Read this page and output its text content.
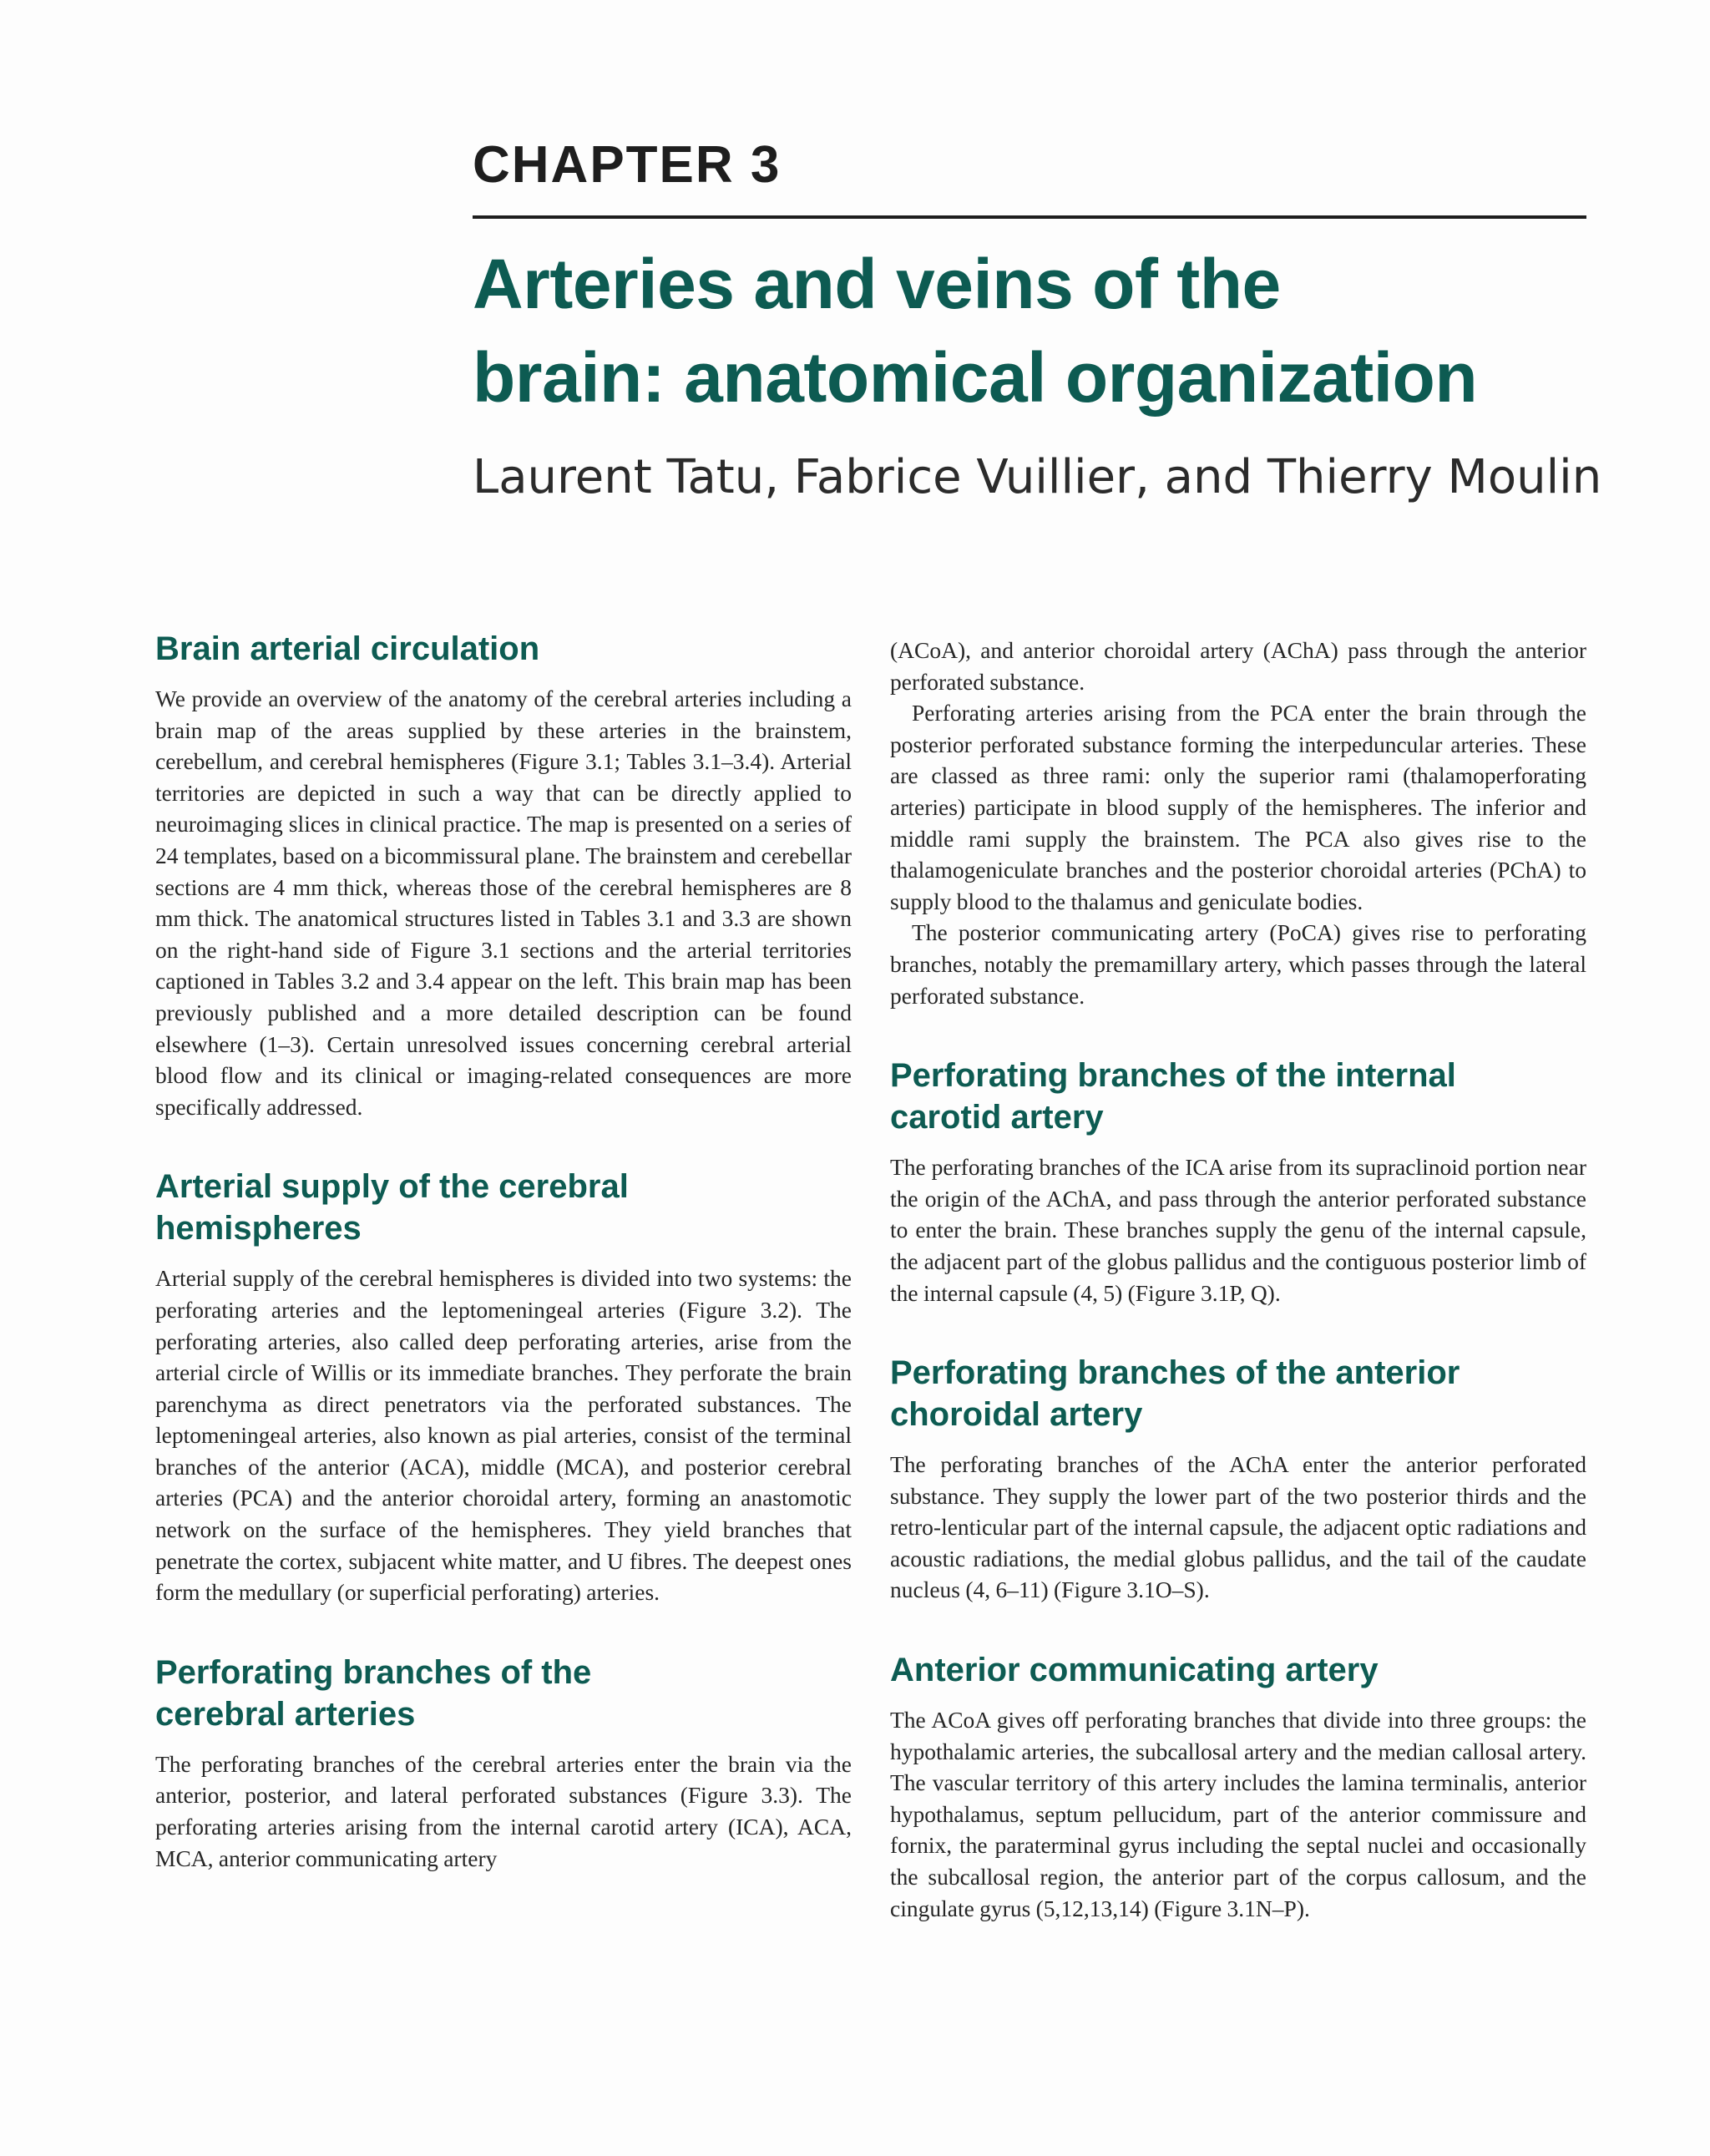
CHAPTER 3
Arteries and veins of the
brain: anatomical organization
Laurent Tatu, Fabrice Vuillier, and Thierry Moulin
Brain arterial circulation

We provide an overview of the anatomy of the cerebral arteries including a brain map of the areas supplied by these arteries in the brainstem, cerebellum, and cerebral hemispheres (Figure 3.1; Tables 3.1–3.4). Arterial territories are depicted in such a way that can be directly applied to neuroimaging slices in clinical practice. The map is presented on a series of 24 templates, based on a bicommissural plane. The brainstem and cerebellar sections are 4 mm thick, whereas those of the cerebral hemispheres are 8 mm thick. The anatomical structures listed in Tables 3.1 and 3.3 are shown on the right-hand side of Figure 3.1 sections and the arterial territories captioned in Tables 3.2 and 3.4 appear on the left. This brain map has been previously published and a more detailed description can be found elsewhere (1–3). Certain unresolved issues concerning cerebral arterial blood flow and its clinical or imaging-related consequences are more specifically addressed.

Arterial supply of the cerebral
hemispheres

Arterial supply of the cerebral hemispheres is divided into two systems: the perforating arteries and the leptomeningeal arteries (Figure 3.2). The perforating arteries, also called deep perforating arteries, arise from the arterial circle of Willis or its immediate branches. They perforate the brain parenchyma as direct penetrators via the perforated substances. The leptomeningeal arteries, also known as pial arteries, consist of the terminal branches of the anterior (ACA), middle (MCA), and posterior cerebral arteries (PCA) and the anterior choroidal artery, forming an anastomotic network on the surface of the hemispheres. They yield branches that penetrate the cortex, subjacent white matter, and U fibres. The deepest ones form the medullary (or superficial perforating) arteries.

Perforating branches of the
cerebral arteries

The perforating branches of the cerebral arteries enter the brain via the anterior, posterior, and lateral perforated substances (Figure 3.3). The perforating arteries arising from the internal carotid artery (ICA), ACA, MCA, anterior communicating artery

(ACoA), and anterior choroidal artery (AChA) pass through the anterior perforated substance.

Perforating arteries arising from the PCA enter the brain through the posterior perforated substance forming the interpeduncular arteries. These are classed as three rami: only the superior rami (thalamoperforating arteries) participate in blood supply of the hemispheres. The inferior and middle rami supply the brainstem. The PCA also gives rise to the thalamogeniculate branches and the posterior choroidal arteries (PChA) to supply blood to the thalamus and geniculate bodies.

The posterior communicating artery (PoCA) gives rise to perforating branches, notably the premamillary artery, which passes through the lateral perforated substance.

Perforating branches of the internal
carotid artery

The perforating branches of the ICA arise from its supraclinoid portion near the origin of the AChA, and pass through the anterior perforated substance to enter the brain. These branches supply the genu of the internal capsule, the adjacent part of the globus pallidus and the contiguous posterior limb of the internal capsule (4, 5) (Figure 3.1P, Q).

Perforating branches of the anterior
choroidal artery

The perforating branches of the AChA enter the anterior perforated substance. They supply the lower part of the two posterior thirds and the retro-lenticular part of the internal capsule, the adjacent optic radiations and acoustic radiations, the medial globus pallidus, and the tail of the caudate nucleus (4, 6–11) (Figure 3.1O–S).

Anterior communicating artery

The ACoA gives off perforating branches that divide into three groups: the hypothalamic arteries, the subcallosal artery and the median callosal artery. The vascular territory of this artery includes the lamina terminalis, anterior hypothalamus, septum pellucidum, part of the anterior commissure and fornix, the paraterminal gyrus including the septal nuclei and occasionally the subcallosal region, the anterior part of the corpus callosum, and the cingulate gyrus (5,12,13,14) (Figure 3.1N–P).
